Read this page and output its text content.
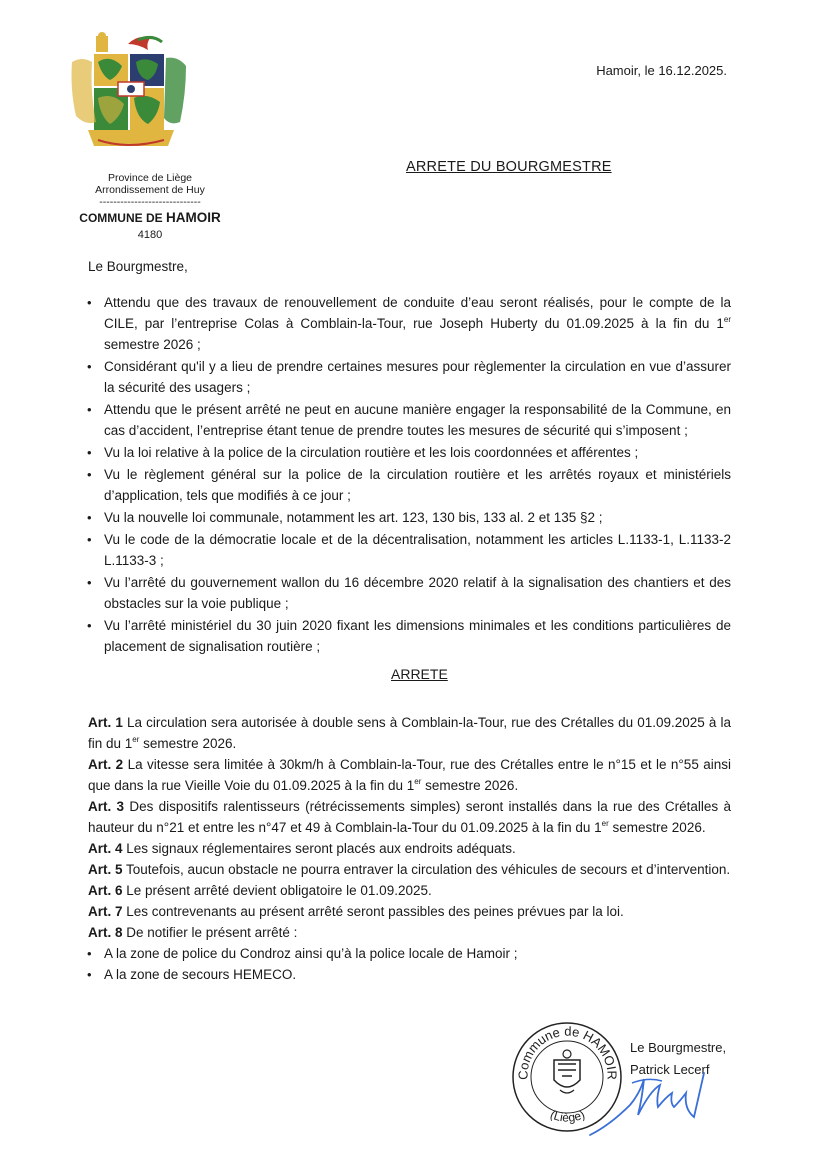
Province de Liège
Arrondissement de Huy
-----------------------------
COMMUNE DE HAMOIR
4180
Hamoir, le 16.12.2025.
ARRETE DU BOURGMESTRE
Le Bourgmestre,
• Attendu que des travaux de renouvellement de conduite d’eau seront réalisés, pour le compte de la CILE, par l’entreprise Colas à Comblain-la-Tour, rue Joseph Huberty du 01.09.2025 à la fin du 1er semestre 2026 ;
• Considérant qu'il y a lieu de prendre certaines mesures pour règlementer la circulation en vue d’assurer la sécurité des usagers ;
• Attendu que le présent arrêté ne peut en aucune manière engager la responsabilité de la Commune, en cas d’accident, l’entreprise étant tenue de prendre toutes les mesures de sécurité qui s’imposent ;
• Vu la loi relative à la police de la circulation routière et les lois coordonnées et afférentes ;
• Vu le règlement général sur la police de la circulation routière et les arrêtés royaux et ministériels d’application, tels que modifiés à ce jour ;
• Vu la nouvelle loi communale, notamment les art. 123, 130 bis, 133 al. 2 et 135 §2 ;
• Vu le code de la démocratie locale et de la décentralisation, notamment les articles L.1133-1, L.1133-2 L.1133-3 ;
• Vu l’arrêté du gouvernement wallon du 16 décembre 2020 relatif à la signalisation des chantiers et des obstacles sur la voie publique ;
• Vu l’arrêté ministériel du 30 juin 2020 fixant les dimensions minimales et les conditions particulières de placement de signalisation routière ;
ARRETE

Art. 1 La circulation sera autorisée à double sens à Comblain-la-Tour, rue des Crétalles du 01.09.2025 à la fin du 1er semestre 2026.

Art. 2 La vitesse sera limitée à 30km/h à Comblain-la-Tour, rue des Crétalles entre le n°15 et le n°55 ainsi que dans la rue Vieille Voie du 01.09.2025 à la fin du 1er semestre 2026.

Art. 3 Des dispositifs ralentisseurs (rétrécissements simples) seront installés dans la rue des Crétalles à hauteur du n°21 et entre les n°47 et 49 à Comblain-la-Tour du 01.09.2025 à la fin du 1er semestre 2026.

Art. 4 Les signaux réglementaires seront placés aux endroits adéquats.

Art. 5 Toutefois, aucun obstacle ne pourra entraver la circulation des véhicules de secours et d’intervention.

Art. 6 Le présent arrêté devient obligatoire le 01.09.2025.

Art. 7 Les contrevenants au présent arrêté seront passibles des peines prévues par la loi.

Art. 8 De notifier le présent arrêté :

• A la zone de police du Condroz ainsi qu’à la police locale de Hamoir ;
• A la zone de secours HEMECO.
Commune de HAMOIR
(Liège)
Le Bourgmestre,
Patrick Lecerf
